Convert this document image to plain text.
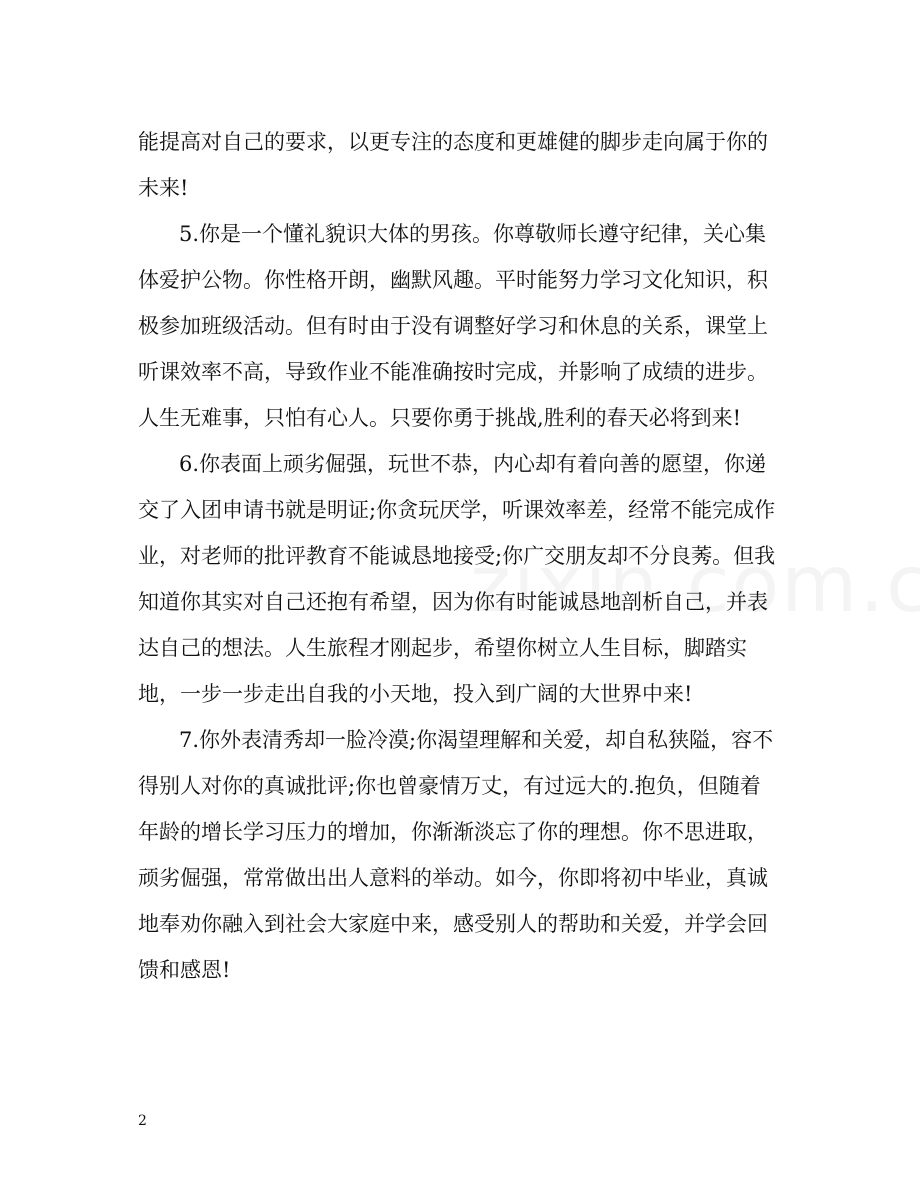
能提高对自己的要求，以更专注的态度和更雄健的脚步走向属于你的
未来!
5.你是一个懂礼貌识大体的男孩。你尊敬师长遵守纪律，关心集
体爱护公物。你性格开朗，幽默风趣。平时能努力学习文化知识，积
极参加班级活动。但有时由于没有调整好学习和休息的关系，课堂上
听课效率不高，导致作业不能准确按时完成，并影响了成绩的进步。
人生无难事，只怕有心人。只要你勇于挑战,胜利的春天必将到来!
6.你表面上顽劣倔强，玩世不恭，内心却有着向善的愿望，你递
交了入团申请书就是明证;你贪玩厌学，听课效率差，经常不能完成作
业，对老师的批评教育不能诚恳地接受;你广交朋友却不分良莠。但我
知道你其实对自己还抱有希望，因为你有时能诚恳地剖析自己，并表
达自己的想法。人生旅程才刚起步，希望你树立人生目标，脚踏实
地，一步一步走出自我的小天地，投入到广阔的大世界中来!
7.你外表清秀却一脸冷漠;你渴望理解和关爱，却自私狭隘，容不
得别人对你的真诚批评;你也曾豪情万丈，有过远大的.抱负，但随着
年龄的增长学习压力的增加，你渐渐淡忘了你的理想。你不思进取，
顽劣倔强，常常做出出人意料的举动。如今，你即将初中毕业，真诚
地奉劝你融入到社会大家庭中来，感受别人的帮助和关爱，并学会回
馈和感恩!
2
